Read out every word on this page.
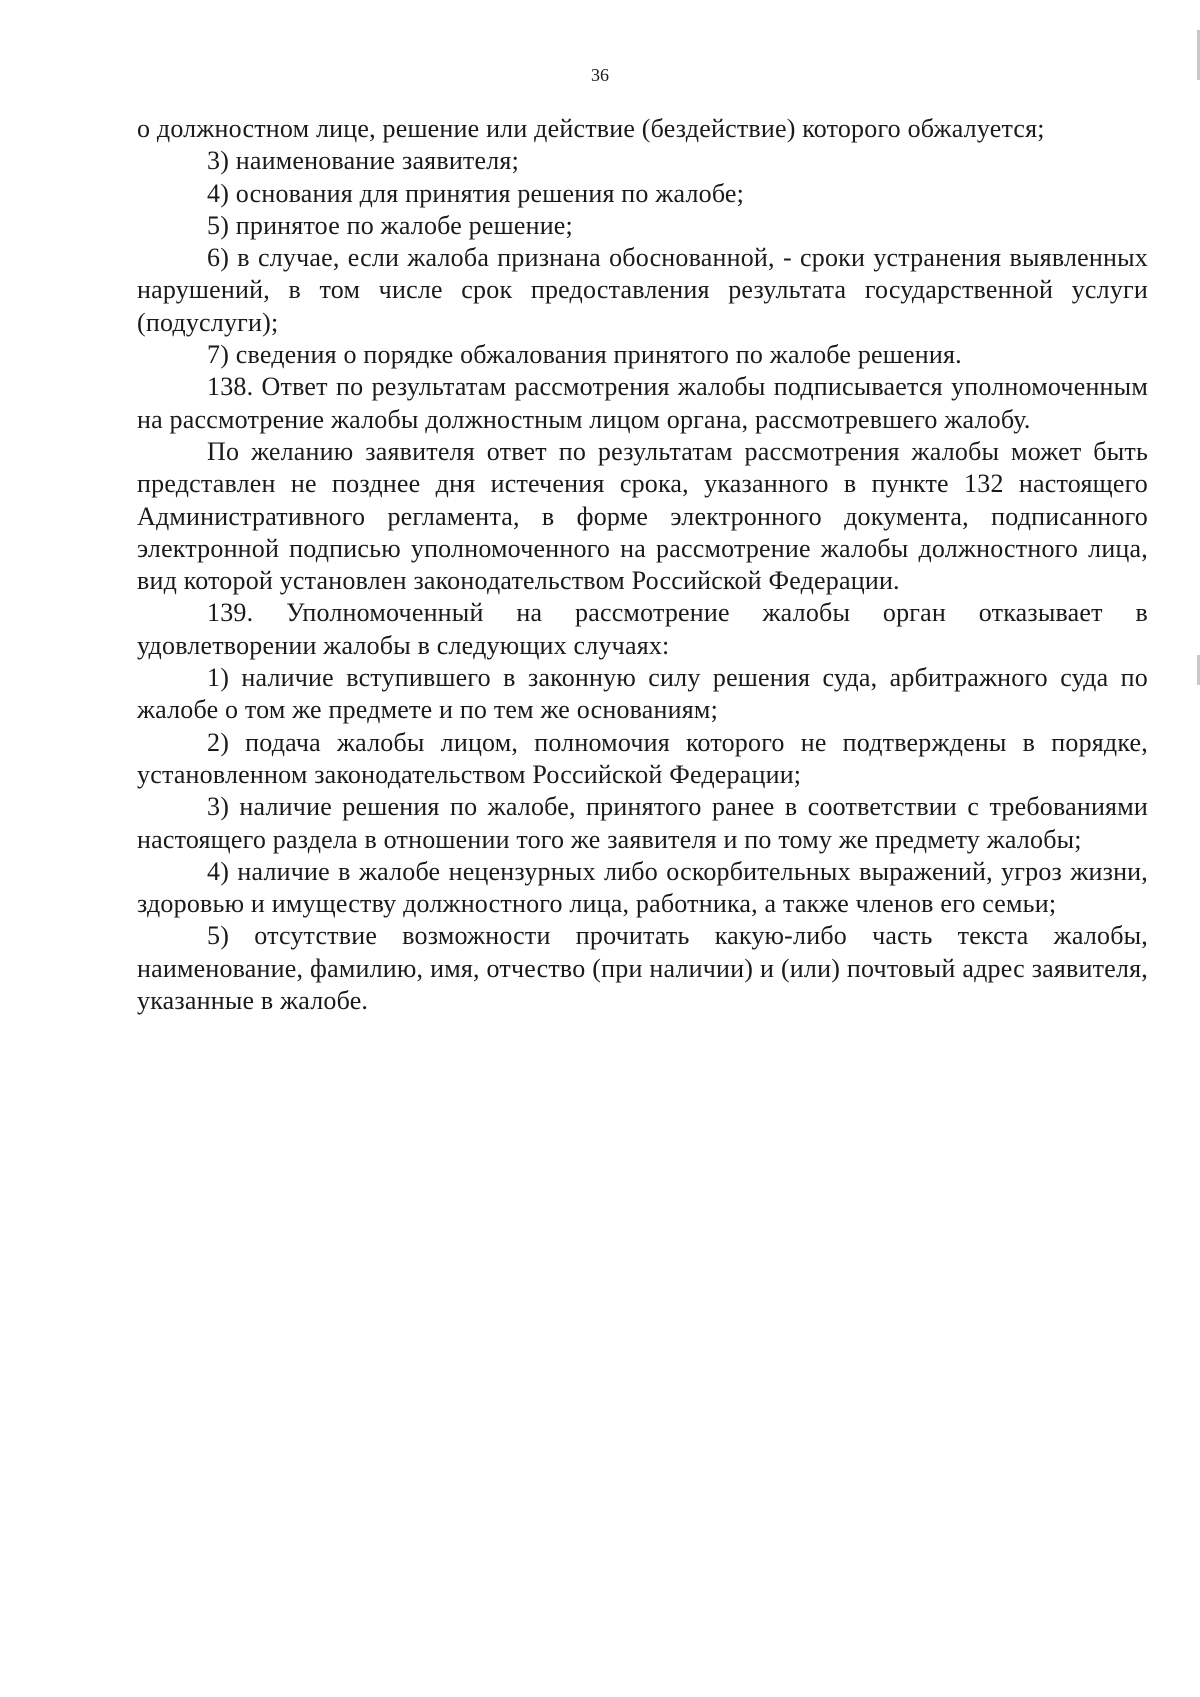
36

о должностном лице, решение или действие (бездействие) которого обжалуется;

3) наименование заявителя;

4) основания для принятия решения по жалобе;

5) принятое по жалобе решение;

6) в случае, если жалоба признана обоснованной, - сроки устранения выявленных нарушений, в том числе срок предоставления результата государственной услуги (подуслуги);

7) сведения о порядке обжалования принятого по жалобе решения.

138. Ответ по результатам рассмотрения жалобы подписывается уполномоченным на рассмотрение жалобы должностным лицом органа, рассмотревшего жалобу.

По желанию заявителя ответ по результатам рассмотрения жалобы может быть представлен не позднее дня истечения срока, указанного в пункте 132 настоящего Административного регламента, в форме электронного документа, подписанного электронной подписью уполномоченного на рассмотрение жалобы должностного лица, вид которой установлен законодательством Российской Федерации.

139. Уполномоченный на рассмотрение жалобы орган отказывает в удовлетворении жалобы в следующих случаях:

1) наличие вступившего в законную силу решения суда, арбитражного суда по жалобе о том же предмете и по тем же основаниям;

2) подача жалобы лицом, полномочия которого не подтверждены в порядке, установленном законодательством Российской Федерации;

3) наличие решения по жалобе, принятого ранее в соответствии с требованиями настоящего раздела в отношении того же заявителя и по тому же предмету жалобы;

4) наличие в жалобе нецензурных либо оскорбительных выражений, угроз жизни, здоровью и имуществу должностного лица, работника, а также членов его семьи;

5) отсутствие возможности прочитать какую-либо часть текста жалобы, наименование, фамилию, имя, отчество (при наличии) и (или) почтовый адрес заявителя, указанные в жалобе.
